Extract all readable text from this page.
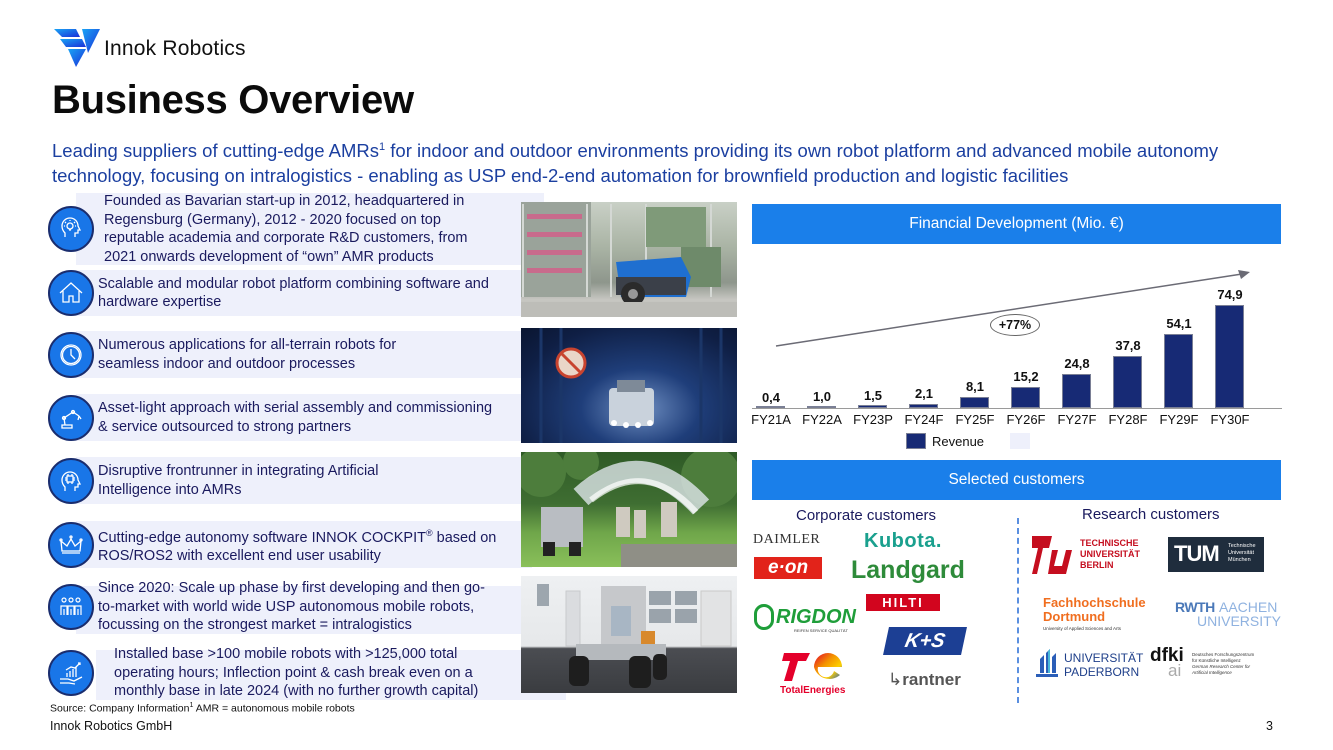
Innok Robotics
Business Overview
Leading suppliers of cutting-edge AMRs$^1$ for indoor and outdoor environments providing its own robot platform and advanced mobile autonomy technology, focusing on intralogistics - enabling as USP end-2-end automation for brownfield production and logistic facilities
Founded as Bavarian start-up in 2012, headquartered in Regensburg (Germany), 2012 - 2020 focused on top reputable academia and corporate R&D customers, from 2021 onwards development of “own” AMR products
Scalable and modular robot platform combining software and hardware expertise
Numerous applications for all-terrain robots for seamless indoor and outdoor processes
Asset-light approach with serial assembly and commissioning & service outsourced to strong partners
Disruptive frontrunner in integrating Artificial Intelligence into AMRs
Cutting-edge autonomy software INNOK COCKPIT® based on ROS/ROS2 with excellent end user usability
Since 2020: Scale up phase by first developing and then go-to-market with world wide USP autonomous mobile robots, focussing on the strongest market = intralogistics
Installed base >100 mobile robots with >125,000 total operating hours; Inflection point & cash break even on a monthly base in late 2024 (with no further growth capital)
Financial Development (Mio. €)
+77%
0,4	1,0	1,5	2,1	8,1
15,2
24,8
37,8
54,1
74,9
FY21A FY22A FY23P FY24F FY25F FY26F FY27F FY28F FY29F FY30F
Revenue
Selected customers
Corporate customers	Research customers
DAIMLER Kubota.
e·on	Landgard
HILTI
RIGDON
REIFEN SERVICE QUALITÄT	K+S
TotalEnergies
↳rantner
TECHNISCHE
UNIVERSITÄT
BERLIN	TUM Technische
Universität
München
Fachhochschule
Dortmund
University of Applied Sciences and Arts
RWTH AACHEN
UNIVERSITY
UNIVERSITÄT
PADERBORN
dfki
ai
Deutsches Forschungszentrum
für Künstliche Intelligenz
German Research Center for
Artificial Intelligence
Source: Company Information$^1$ AMR = autonomous mobile robots
Innok Robotics GmbH	3
